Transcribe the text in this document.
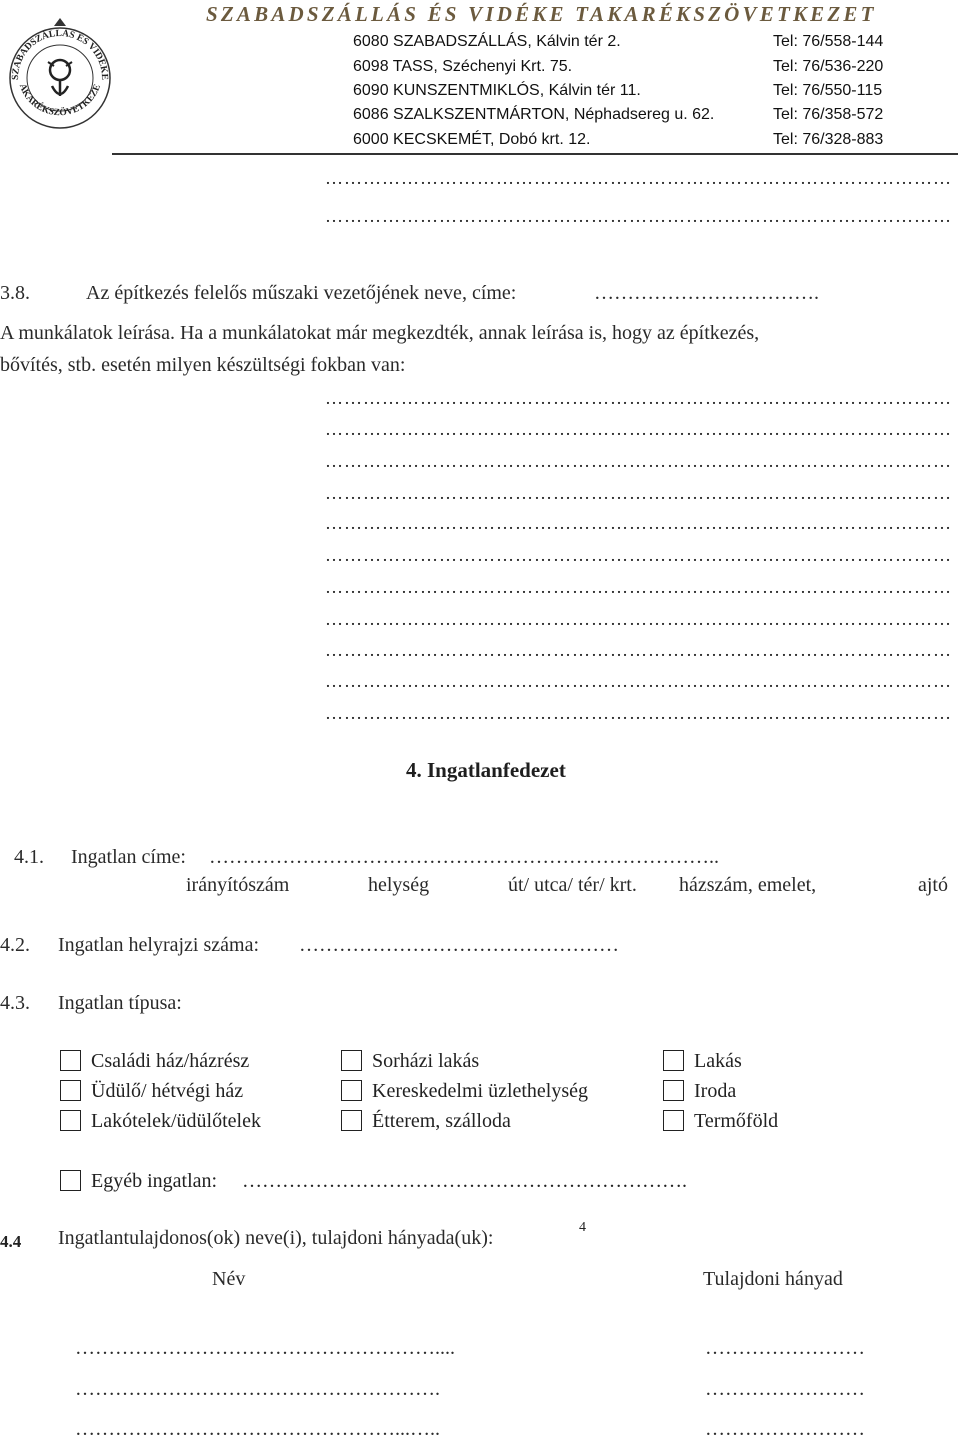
SZABADSZÁLLÁS ÉS VIDÉKE
AKARÉKSZÖVETKEZE
SZABADSZÁLLÁS ÉS VIDÉKE TAKARÉKSZÖVETKEZET
6080 SZABADSZÁLLÁS, Kálvin tér 2.	Tel: 76/558-144
6098 TASS, Széchenyi Krt. 75.	Tel: 76/536-220
6090 KUNSZENTMIKLÓS, Kálvin tér 11.	Tel: 76/550-115
6086 SZALKSZENTMÁRTON, Néphadsereg u. 62.	Tel: 76/358-572
6000 KECSKEMÉT, Dobó krt. 12.	Tel: 76/328-883
………………………………………………………………………………………
………………………………………………………………………………………
3.8.	Az építkezés felelős műszaki vezetőjének neve, címe:	…………………………….
A munkálatok leírása. Ha a munkálatokat már megkezdték, annak leírása is, hogy az építkezés,
bővítés, stb. esetén milyen készültségi fokban van:
………………………………………………………………………………………
………………………………………………………………………………………
………………………………………………………………………………………
………………………………………………………………………………………
………………………………………………………………………………………
………………………………………………………………………………………
………………………………………………………………………………………
………………………………………………………………………………………
………………………………………………………………………………………
………………………………………………………………………………………
………………………………………………………………………………………
4. Ingatlanfedezet
4.1. Ingatlan címe: …………………………………………………………………..
irányítószám	helység	út/ utca/ tér/ krt. házszám, emelet,	ajtó
4.2. Ingatlan helyrajzi száma: …………………………………………
4.3. Ingatlan típusa:
Családi ház/házrész	Sorházi lakás	Lakás
Üdülő/ hétvégi ház	Kereskedelmi üzlethelység	Iroda
Lakótelek/üdülőtelek	Étterem, szálloda	Termőföld
Egyéb ingatlan: ………………………………………………………….
4.4 Ingatlantulajdonos(ok) neve(i), tulajdoni hányada(uk):	4
Név	Tulajdoni hányad
………………………………………………....	……………………
……………………………………………….	……………………
…………………………………………...…..	……………………
